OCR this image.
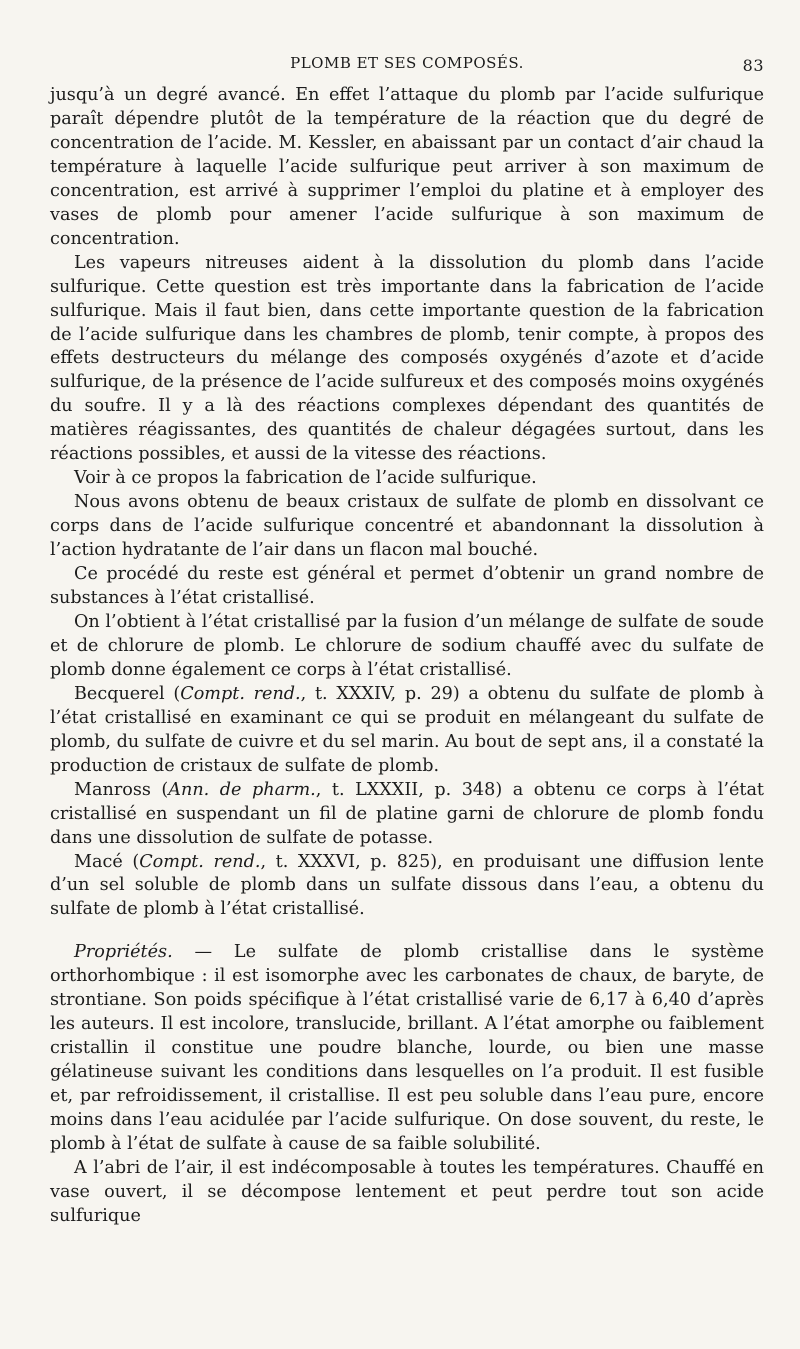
PLOMB ET SES COMPOSÉS.	83

jusqu’à un degré avancé. En effet l’attaque du plomb par l’acide sulfurique paraît dépendre plutôt de la température de la réaction que du degré de concentration de l’acide. M. Kessler, en abaissant par un contact d’air chaud la température à laquelle l’acide sulfurique peut arriver à son maximum de concentration, est arrivé à supprimer l’emploi du platine et à employer des vases de plomb pour amener l’acide sulfurique à son maximum de concentration.

Les vapeurs nitreuses aident à la dissolution du plomb dans l’acide sulfurique. Cette question est très importante dans la fabrication de l’acide sulfurique. Mais il faut bien, dans cette importante question de la fabrication de l’acide sulfurique dans les chambres de plomb, tenir compte, à propos des effets destructeurs du mélange des composés oxygénés d’azote et d’acide sulfurique, de la présence de l’acide sulfureux et des composés moins oxygénés du soufre. Il y a là des réactions complexes dépendant des quantités de matières réagissantes, des quantités de chaleur dégagées surtout, dans les réactions possibles, et aussi de la vitesse des réactions.

Voir à ce propos la fabrication de l’acide sulfurique.

Nous avons obtenu de beaux cristaux de sulfate de plomb en dissolvant ce corps dans de l’acide sulfurique concentré et abandonnant la dissolution à l’action hydratante de l’air dans un flacon mal bouché.

Ce procédé du reste est général et permet d’obtenir un grand nombre de substances à l’état cristallisé.

On l’obtient à l’état cristallisé par la fusion d’un mélange de sulfate de soude et de chlorure de plomb. Le chlorure de sodium chauffé avec du sulfate de plomb donne également ce corps à l’état cristallisé.

Becquerel (Compt. rend., t. XXXIV, p. 29) a obtenu du sulfate de plomb à l’état cristallisé en examinant ce qui se produit en mélangeant du sulfate de plomb, du sulfate de cuivre et du sel marin. Au bout de sept ans, il a constaté la production de cristaux de sulfate de plomb.

Manross (Ann. de pharm., t. LXXXII, p. 348) a obtenu ce corps à l’état cristallisé en suspendant un fil de platine garni de chlorure de plomb fondu dans une dissolution de sulfate de potasse.

Macé (Compt. rend., t. XXXVI, p. 825), en produisant une diffusion lente d’un sel soluble de plomb dans un sulfate dissous dans l’eau, a obtenu du sulfate de plomb à l’état cristallisé.

Propriétés. — Le sulfate de plomb cristallise dans le système orthorhombique : il est isomorphe avec les carbonates de chaux, de baryte, de strontiane. Son poids spécifique à l’état cristallisé varie de 6,17 à 6,40 d’après les auteurs. Il est incolore, translucide, brillant. A l’état amorphe ou faiblement cristallin il constitue une poudre blanche, lourde, ou bien une masse gélatineuse suivant les conditions dans lesquelles on l’a produit. Il est fusible et, par refroidissement, il cristallise. Il est peu soluble dans l’eau pure, encore moins dans l’eau acidulée par l’acide sulfurique. On dose souvent, du reste, le plomb à l’état de sulfate à cause de sa faible solubilité.

A l’abri de l’air, il est indécomposable à toutes les températures. Chauffé en vase ouvert, il se décompose lentement et peut perdre tout son acide sulfurique
